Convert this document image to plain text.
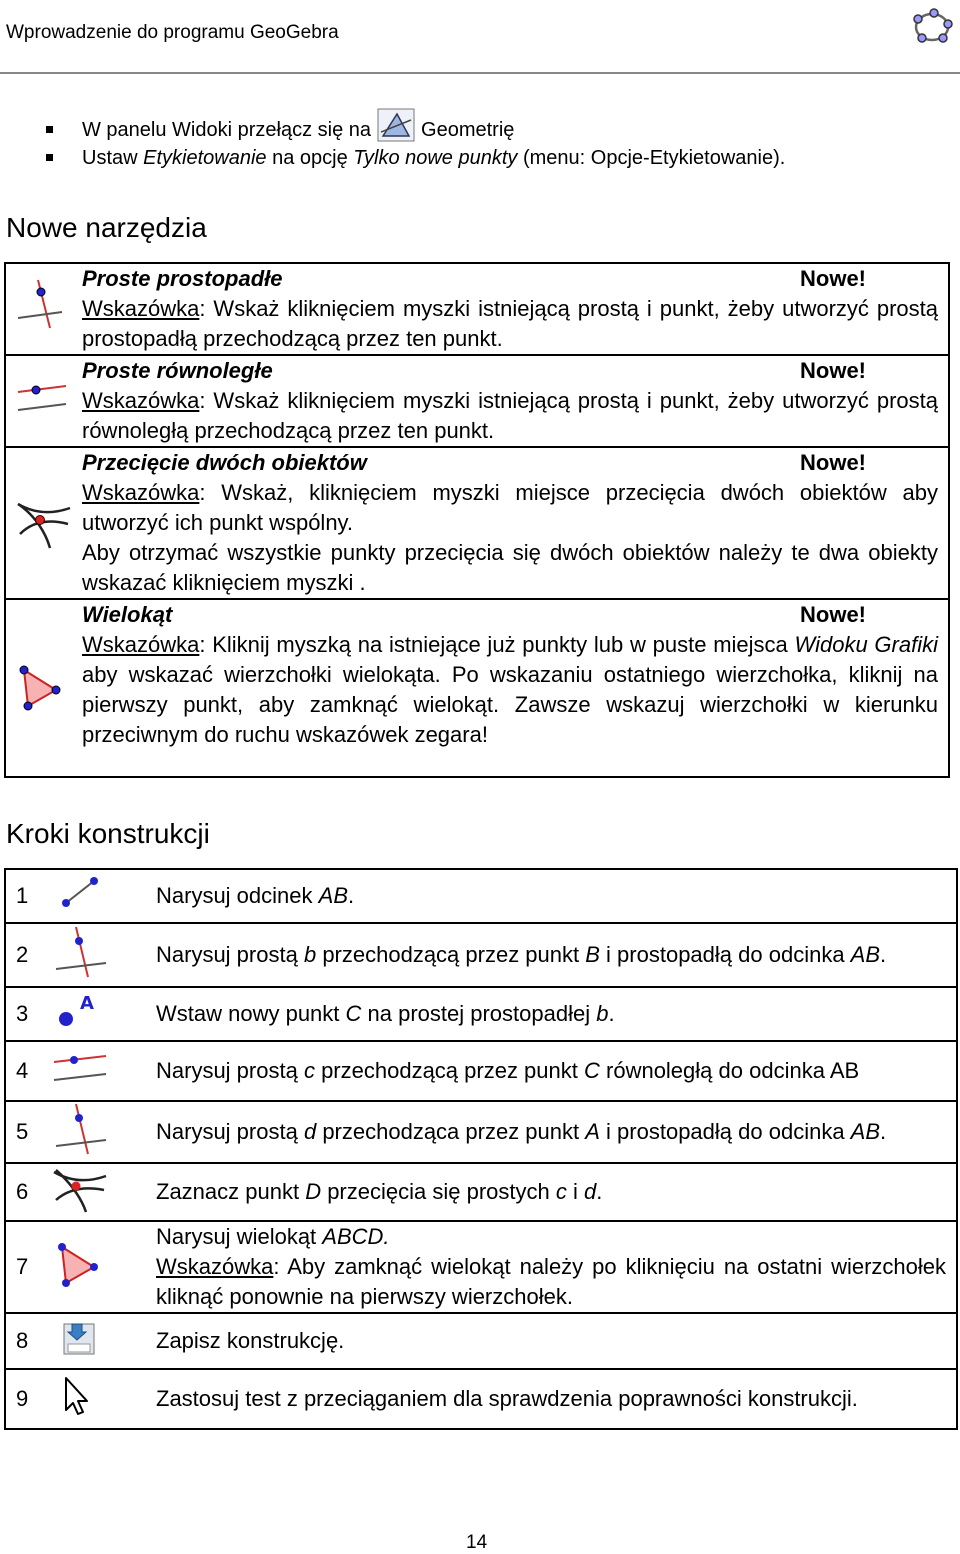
Wprowadzenie do programu GeoGebra
W panelu Widoki przełącz się na	Geometrię
Ustaw Etykietowanie na opcję Tylko nowe punkty (menu: Opcje-Etykietowanie).
Nowe narzędzia
Proste prostopadłe	Nowe!
Wskazówka: Wskaż kliknięciem myszki istniejącą prostą i punkt, żeby utworzyć prostą prostopadłą przechodzącą przez ten punkt.
Proste równoległe	Nowe!
Wskazówka: Wskaż kliknięciem myszki istniejącą prostą i punkt, żeby utworzyć prostą równoległą przechodzącą przez ten punkt.
Przecięcie dwóch obiektów	Nowe!
Wskazówka: Wskaż, kliknięciem myszki miejsce przecięcia dwóch obiektów aby utworzyć ich punkt wspólny.
Aby otrzymać wszystkie punkty przecięcia się dwóch obiektów należy te dwa obiekty wskazać kliknięciem myszki .
Wielokąt	Nowe!
Wskazówka: Kliknij myszką na istniejące już punkty lub w puste miejsca Widoku Grafiki aby wskazać wierzchołki wielokąta. Po wskazaniu ostatniego wierzchołka, kliknij na pierwszy punkt, aby zamknąć wielokąt. Zawsze wskazuj wierzchołki w kierunku przeciwnym do ruchu wskazówek zegara!
Kroki konstrukcji
1		Narysuj odcinek AB.
2		Narysuj prostą b przechodzącą przez punkt B i prostopadłą do odcinka AB.
3	A	Wstaw nowy punkt C na prostej prostopadłej b.
4		Narysuj prostą c przechodzącą przez punkt C równoległą do odcinka AB
5		Narysuj prostą d przechodząca przez punkt A i prostopadłą do odcinka AB.
6		Zaznacz punkt D przecięcia się prostych c i d.
7		Narysuj wielokąt ABCD.
Wskazówka: Aby zamknąć wielokąt należy po kliknięciu na ostatni wierzchołek kliknąć ponownie na pierwszy wierzchołek.

8		Zapisz konstrukcję.
9		Zastosuj test z przeciąganiem dla sprawdzenia poprawności konstrukcji.
14
